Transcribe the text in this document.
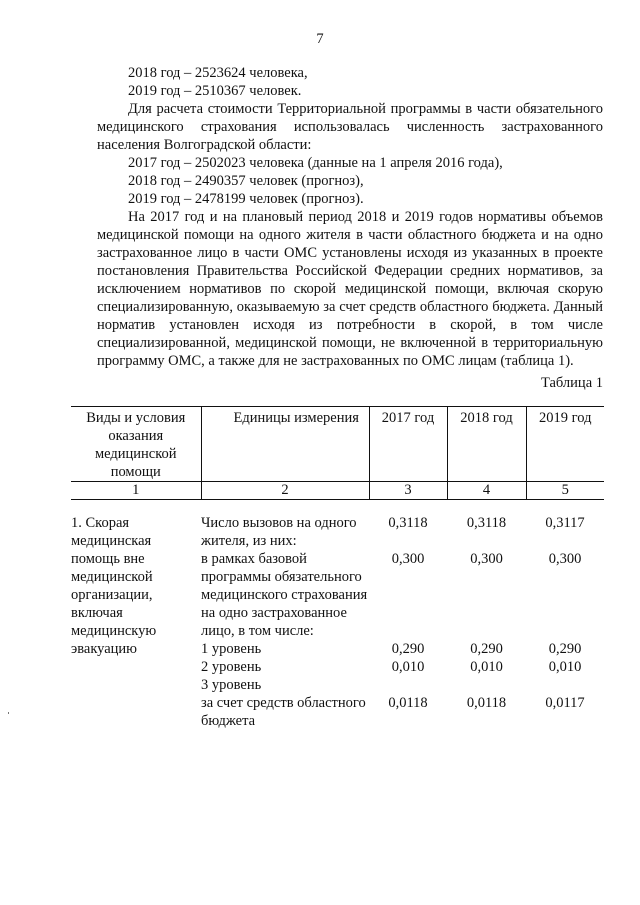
7

2018 год – 2523624 человека,

2019 год – 2510367 человек.

Для расчета стоимости Территориальной программы в части обязательного медицинского страхования использовалась численность застрахованного населения Волгоградской области:

2017 год – 2502023 человека (данные на 1 апреля 2016 года),

2018 год – 2490357 человек (прогноз),

2019 год – 2478199 человек (прогноз).

На 2017 год и на плановый период 2018 и 2019 годов нормативы объемов медицинской помощи на одного жителя в части областного бюджета и на одно застрахованное лицо в части ОМС установлены исходя из указанных в проекте постановления Правительства Российской Федерации средних нормативов, за исключением нормативов по скорой медицинской помощи, включая скорую специализированную, оказываемую за счет средств областного бюджета. Данный норматив установлен исходя из потребности в скорой, в том числе специализированной, медицинской помощи, не включенной в территориальную программу ОМС, а также для не застрахованных по ОМС лицам (таблица 1).

Таблица 1
Виды и условия оказания медицинской помощи	Единицы измерения	2017 год	2018 год	2019 год
1	2	3	4	5

1. Скорая медицинская помощь вне медицинской организации, включая медицинскую эвакуацию	Число вызовов на одного жителя, из них:	0,3118	0,3118	0,3117
	в рамках базовой программы обязательного медицинского страхования на одно застрахованное лицо, в том числе:	0,300	0,300	0,300
	1 уровень	0,290	0,290	0,290
	2 уровень	0,010	0,010	0,010
	3 уровень			
	за счет средств областного бюджета	0,0118	0,0118	0,0117
